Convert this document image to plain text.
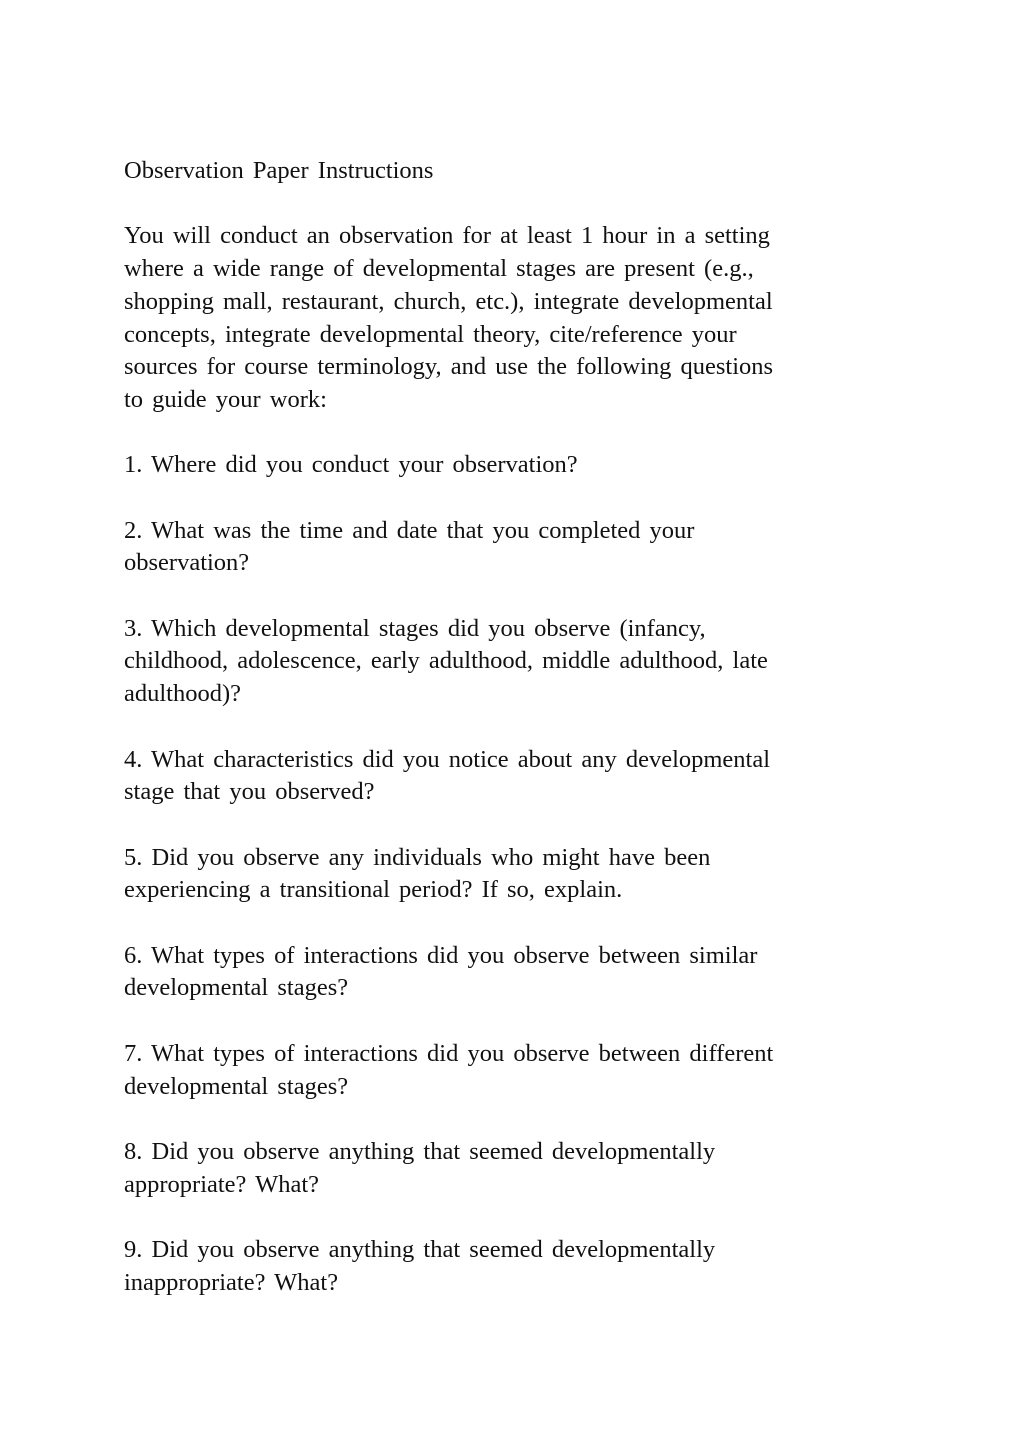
Observation Paper Instructions

You will conduct an observation for at least 1 hour in a setting
where a wide range of developmental stages are present (e.g.,
shopping mall, restaurant, church, etc.), integrate developmental
concepts, integrate developmental theory, cite/reference your
sources for course terminology, and use the following questions
to guide your work:

1. Where did you conduct your observation?

2. What was the time and date that you completed your
observation?

3. Which developmental stages did you observe (infancy,
childhood, adolescence, early adulthood, middle adulthood, late
adulthood)?

4. What characteristics did you notice about any developmental
stage that you observed?

5. Did you observe any individuals who might have been
experiencing a transitional period? If so, explain.

6. What types of interactions did you observe between similar
developmental stages?

7. What types of interactions did you observe between different
developmental stages?

8. Did you observe anything that seemed developmentally
appropriate? What?

9. Did you observe anything that seemed developmentally
inappropriate? What?
